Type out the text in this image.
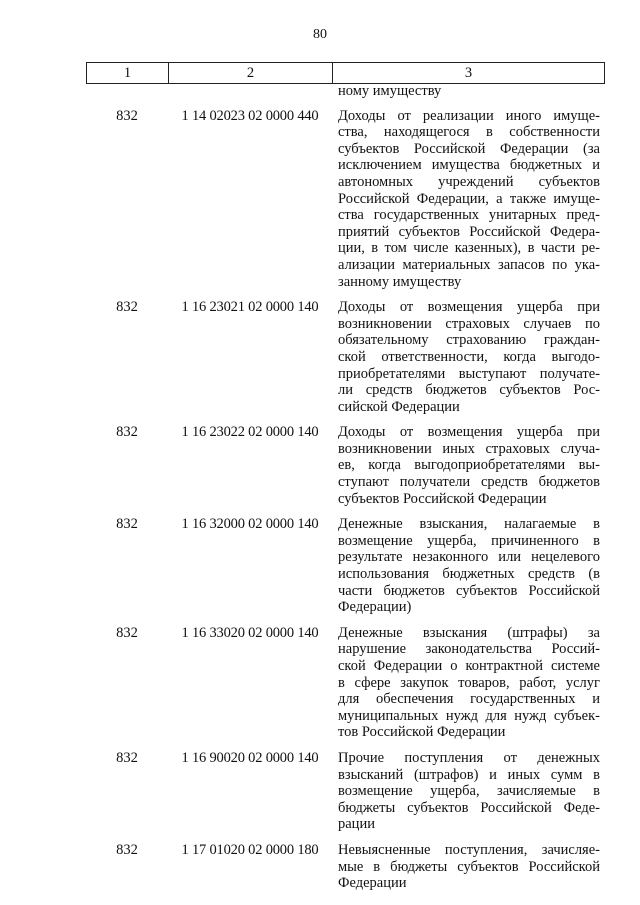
80
1	2	3
ному имуществу
832	1 14 02023 02 0000 440	Доходы от реализации иного имуще-
ства, находящегося в собственности
субъектов Российской Федерации (за
исключением имущества бюджетных и
автономных учреждений субъектов
Российской Федерации, а также имуще-
ства государственных унитарных пред-
приятий субъектов Российской Федера-
ции, в том числе казенных), в части ре-
ализации материальных запасов по ука-
занному имуществу
832	1 16 23021 02 0000 140	Доходы от возмещения ущерба при
возникновении страховых случаев по
обязательному страхованию граждан-
ской ответственности, когда выгодо-
приобретателями выступают получате-
ли средств бюджетов субъектов Рос-
сийской Федерации
832	1 16 23022 02 0000 140	Доходы от возмещения ущерба при
возникновении иных страховых случа-
ев, когда выгодоприобретателями вы-
ступают получатели средств бюджетов
субъектов Российской Федерации
832	1 16 32000 02 0000 140	Денежные взыскания, налагаемые в
возмещение ущерба, причиненного в
результате незаконного или нецелевого
использования бюджетных средств (в
части бюджетов субъектов Российской
Федерации)
832	1 16 33020 02 0000 140	Денежные взыскания (штрафы) за
нарушение законодательства Россий-
ской Федерации о контрактной системе
в сфере закупок товаров, работ, услуг
для обеспечения государственных и
муниципальных нужд для нужд субъек-
тов Российской Федерации
832	1 16 90020 02 0000 140	Прочие поступления от денежных
взысканий (штрафов) и иных сумм в
возмещение ущерба, зачисляемые в
бюджеты субъектов Российской Феде-
рации
832	1 17 01020 02 0000 180	Невыясненные поступления, зачисляе-
мые в бюджеты субъектов Российской
Федерации
